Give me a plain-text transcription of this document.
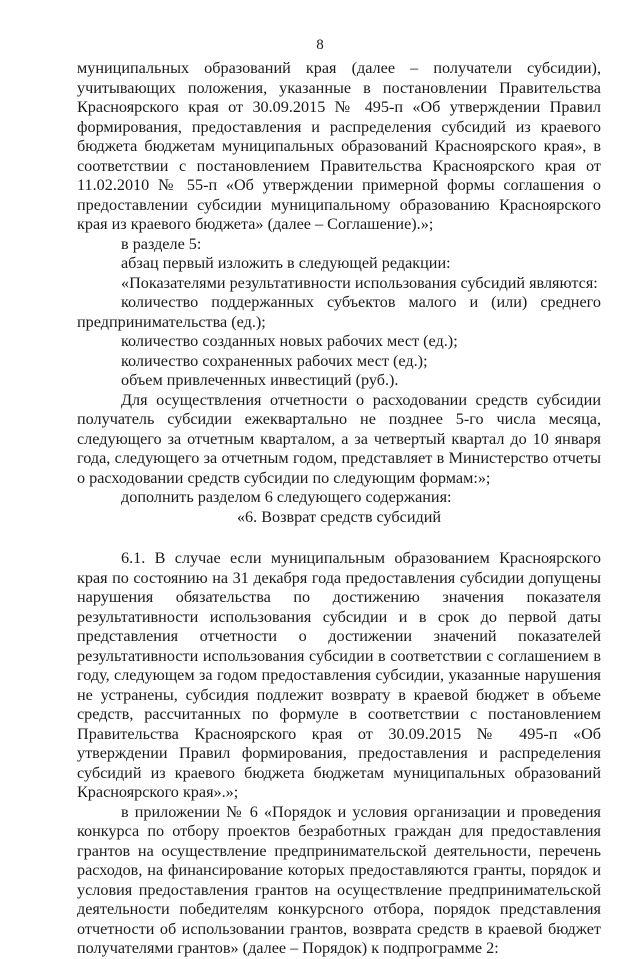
8

муниципальных образований края (далее – получатели субсидии), учитывающих положения, указанные в постановлении Правительства Красноярского края от 30.09.2015 № 495-п «Об утверждении Правил формирования, предоставления и распределения субсидий из краевого бюджета бюджетам муниципальных образований Красноярского края», в соответствии с постановлением Правительства Красноярского края от 11.02.2010 № 55-п «Об утверждении примерной формы соглашения о предоставлении субсидии муниципальному образованию Красноярского края из краевого бюджета» (далее – Соглашение).»;

в разделе 5:

абзац первый изложить в следующей редакции:

«Показателями результативности использования субсидий являются:

количество поддержанных субъектов малого и (или) среднего предпринимательства (ед.);

количество созданных новых рабочих мест (ед.);

количество сохраненных рабочих мест (ед.);

объем привлеченных инвестиций (руб.).

Для осуществления отчетности о расходовании средств субсидии получатель субсидии ежеквартально не позднее 5-го числа месяца, следующего за отчетным кварталом, а за четвертый квартал до 10 января года, следующего за отчетным годом, представляет в Министерство отчеты о расходовании средств субсидии по следующим формам:»;

дополнить разделом 6 следующего содержания:

«6. Возврат средств субсидий

6.1. В случае если муниципальным образованием Красноярского края по состоянию на 31 декабря года предоставления субсидии допущены нарушения обязательства по достижению значения показателя результативности использования субсидии и в срок до первой даты представления отчетности о достижении значений показателей результативности использования субсидии в соответствии с соглашением в году, следующем за годом предоставления субсидии, указанные нарушения не устранены, субсидия подлежит возврату в краевой бюджет в объеме средств, рассчитанных по формуле в соответствии с постановлением Правительства Красноярского края от 30.09.2015 № 495-п «Об утверждении Правил формирования, предоставления и распределения субсидий из краевого бюджета бюджетам муниципальных образований Красноярского края».»;

в приложении № 6 «Порядок и условия организации и проведения конкурса по отбору проектов безработных граждан для предоставления грантов на осуществление предпринимательской деятельности, перечень расходов, на финансирование которых предоставляются гранты, порядок и условия предоставления грантов на осуществление предпринимательской деятельности победителям конкурсного отбора, порядок представления отчетности об использовании грантов, возврата средств в краевой бюджет получателями грантов» (далее – Порядок) к подпрограмме 2:
